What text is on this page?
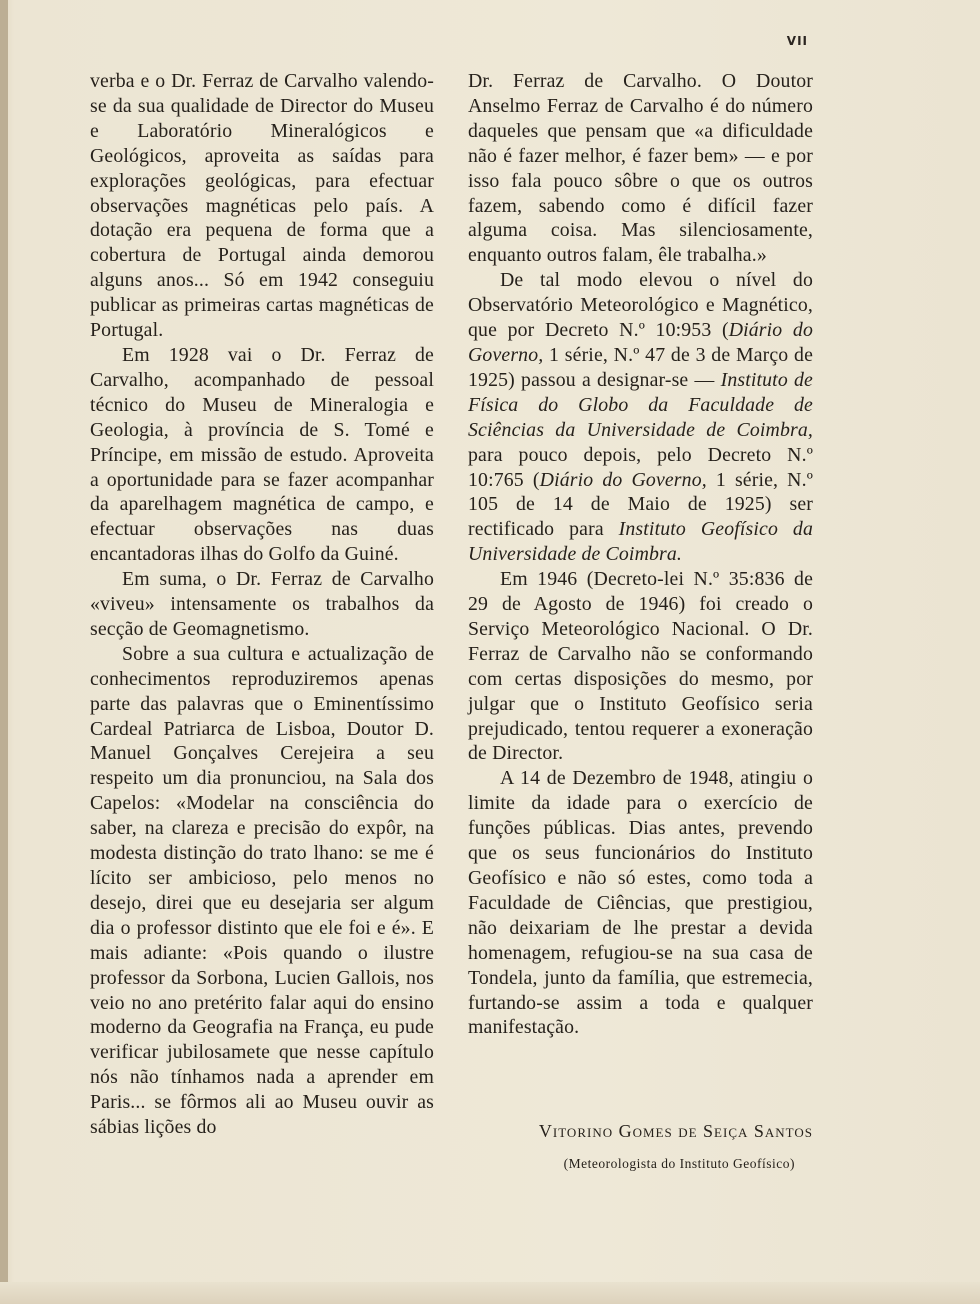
VII

verba e o Dr. Ferraz de Carvalho valendo-se da sua qualidade de Director do Museu e Laboratório Mineralógicos e Geológicos, aproveita as saídas para explorações geológicas, para efectuar observações magnéticas pelo país. A dotação era pequena de forma que a cobertura de Portugal ainda demorou alguns anos... Só em 1942 conseguiu publicar as primeiras cartas magnéticas de Portugal.

Em 1928 vai o Dr. Ferraz de Carvalho, acompanhado de pessoal técnico do Museu de Mineralogia e Geologia, à província de S. Tomé e Príncipe, em missão de estudo. Aproveita a oportunidade para se fazer acompanhar da aparelhagem magnética de campo, e efectuar observações nas duas encantadoras ilhas do Golfo da Guiné.

Em suma, o Dr. Ferraz de Carvalho «viveu» intensamente os trabalhos da secção de Geomagnetismo.

Sobre a sua cultura e actualização de conhecimentos reproduziremos apenas parte das palavras que o Eminentíssimo Cardeal Patriarca de Lisboa, Doutor D. Manuel Gonçalves Cerejeira a seu respeito um dia pronunciou, na Sala dos Capelos: «Modelar na consciência do saber, na clareza e precisão do expôr, na modesta distinção do trato lhano: se me é lícito ser ambicioso, pelo menos no desejo, direi que eu desejaria ser algum dia o professor distinto que ele foi e é». E mais adiante: «Pois quando o ilustre professor da Sorbona, Lucien Gallois, nos veio no ano pretérito falar aqui do ensino moderno da Geografia na França, eu pude verificar jubilosamete que nesse capítulo nós não tínhamos nada a aprender em Paris... se fôrmos ali ao Museu ouvir as sábias lições do

Dr. Ferraz de Carvalho. O Doutor Anselmo Ferraz de Carvalho é do número daqueles que pensam que «a dificuldade não é fazer melhor, é fazer bem» — e por isso fala pouco sôbre o que os outros fazem, sabendo como é difícil fazer alguma coisa. Mas silenciosamente, enquanto outros falam, êle trabalha.»

De tal modo elevou o nível do Observatório Meteorológico e Magnético, que por Decreto N.º 10:953 (Diário do Governo, 1 série, N.º 47 de 3 de Março de 1925) passou a designar-se — Instituto de Física do Globo da Faculdade de Sciências da Universidade de Coimbra, para pouco depois, pelo Decreto N.º 10:765 (Diário do Governo, 1 série, N.º 105 de 14 de Maio de 1925) ser rectificado para Instituto Geofísico da Universidade de Coimbra.

Em 1946 (Decreto-lei N.º 35:836 de 29 de Agosto de 1946) foi creado o Serviço Meteorológico Nacional. O Dr. Ferraz de Carvalho não se conformando com certas disposições do mesmo, por julgar que o Instituto Geofísico seria prejudicado, tentou requerer a exoneração de Director.

A 14 de Dezembro de 1948, atingiu o limite da idade para o exercício de funções públicas. Dias antes, prevendo que os seus funcionários do Instituto Geofísico e não só estes, como toda a Faculdade de Ciências, que prestigiou, não deixariam de lhe prestar a devida homenagem, refugiou-se na sua casa de Tondela, junto da família, que estremecia, furtando-se assim a toda e qualquer manifestação.

Vitorino Gomes de Seiça Santos
(Meteorologista do Instituto Geofísico)
